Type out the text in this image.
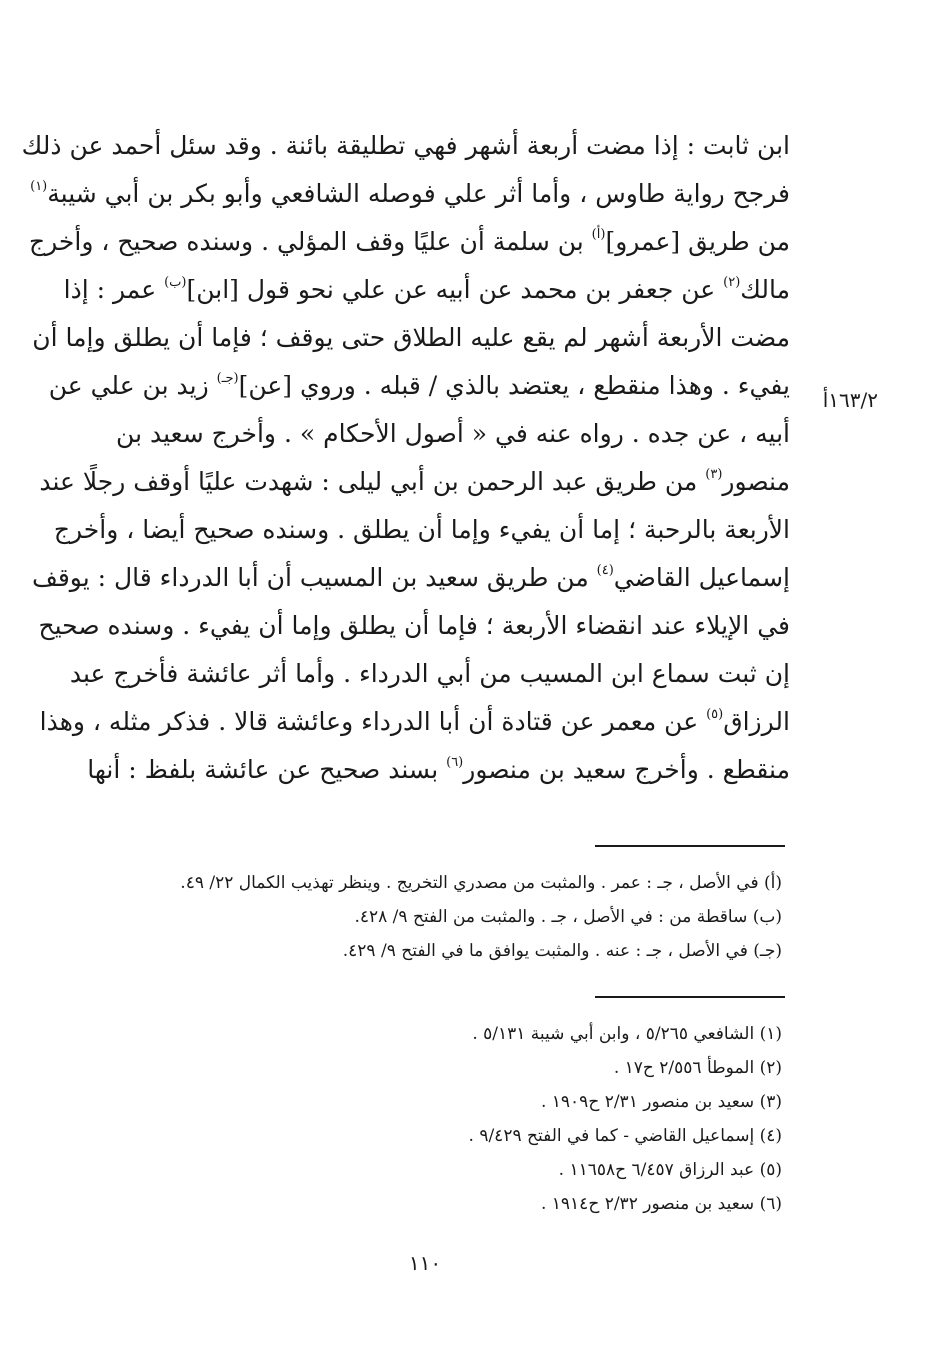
ابن ثابت : إذا مضت أربعة أشهر فهي تطليقة بائنة . وقد سئل أحمد عن ذلك
فرجح رواية طاوس ، وأما أثر علي فوصله الشافعي وأبو بكر بن أبي شيبة$^{(١)}$
من طريق [عمرو]$^{(أ)}$ بن سلمة أن عليًا وقف المؤلي . وسنده صحيح ، وأخرج
مالك$^{(٢)}$ عن جعفر بن محمد عن أبيه عن علي نحو قول [ابن]$^{(ب)}$ عمر : إذا
مضت الأربعة أشهر لم يقع عليه الطلاق حتى يوقف ؛ فإما أن يطلق وإما أن
يفيء . وهذا منقطع ، يعتضد بالذي / قبله . وروي [عن]$^{(جـ)}$ زيد بن علي عن
أبيه ، عن جده . رواه عنه في « أصول الأحكام » . وأخرج سعيد بن
منصور$^{(٣)}$ من طريق عبد الرحمن بن أبي ليلى : شهدت عليًا أوقف رجلًا عند
الأربعة بالرحبة ؛ إما أن يفيء وإما أن يطلق . وسنده صحيح أيضا ، وأخرج
إسماعيل القاضي$^{(٤)}$ من طريق سعيد بن المسيب أن أبا الدرداء قال : يوقف
في الإيلاء عند انقضاء الأربعة ؛ فإما أن يطلق وإما أن يفيء . وسنده صحيح
إن ثبت سماع ابن المسيب من أبي الدرداء . وأما أثر عائشة فأخرج عبد
الرزاق$^{(٥)}$ عن معمر عن قتادة أن أبا الدرداء وعائشة قالا . فذكر مثله ، وهذا
منقطع . وأخرج سعيد بن منصور$^{(٦)}$ بسند صحيح عن عائشة بلفظ : أنها
١٦٣/٢أ
(أ) في الأصل ، جـ : عمر . والمثبت من مصدري التخريج . وينظر تهذيب الكمال ٢٢/ ٤٩.
(ب) ساقطة من : في الأصل ، جـ . والمثبت من الفتح ٩/ ٤٢٨.
(جـ) في الأصل ، جـ : عنه . والمثبت يوافق ما في الفتح ٩/ ٤٢٩.
(١) الشافعي ٥/٢٦٥ ، وابن أبي شيبة ٥/١٣١ .
(٢) الموطأ ٢/٥٥٦ ح١٧ .
(٣) سعيد بن منصور ٢/٣١ ح١٩٠٩ .
(٤) إسماعيل القاضي - كما في الفتح ٩/٤٢٩ .
(٥) عبد الرزاق ٦/٤٥٧ ح١١٦٥٨ .
(٦) سعيد بن منصور ٢/٣٢ ح١٩١٤ .
١١٠
